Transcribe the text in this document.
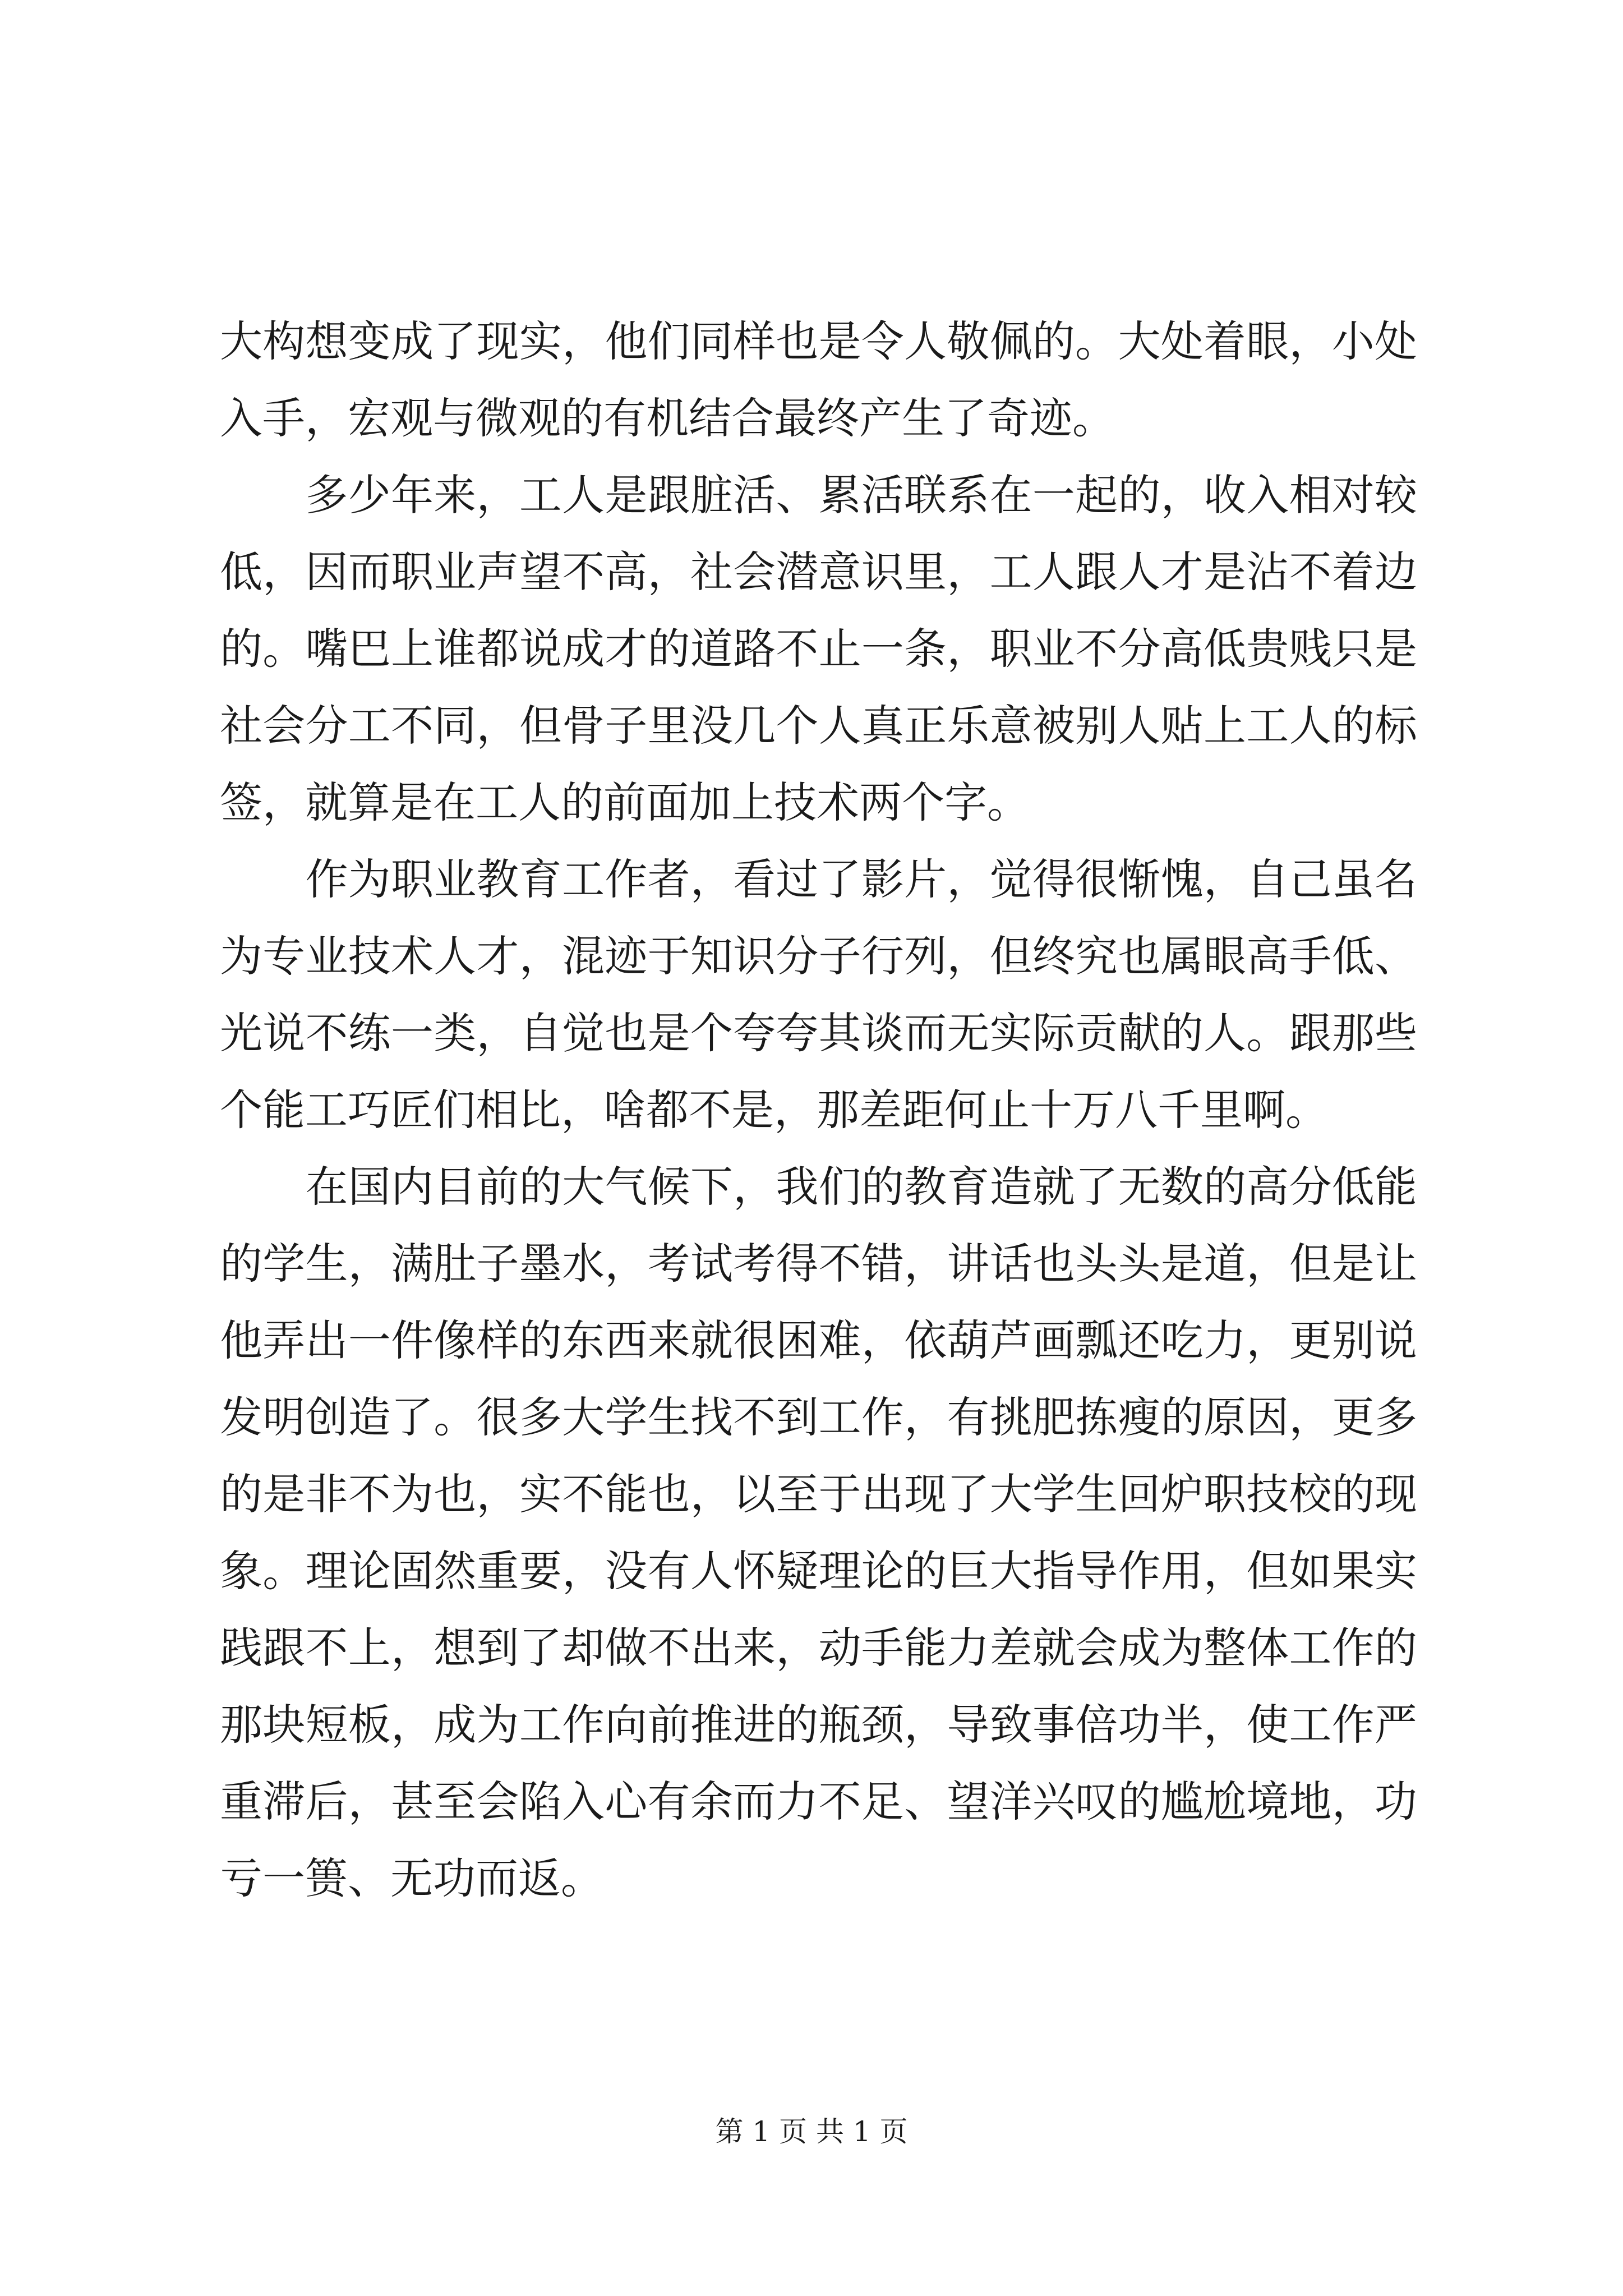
大构想变成了现实，他们同样也是令人敬佩的。大处着眼，小处
入手，宏观与微观的有机结合最终产生了奇迹。
　　多少年来，工人是跟脏活、累活联系在一起的，收入相对较
低，因而职业声望不高，社会潜意识里，工人跟人才是沾不着边
的。嘴巴上谁都说成才的道路不止一条，职业不分高低贵贱只是
社会分工不同，但骨子里没几个人真正乐意被别人贴上工人的标
签，就算是在工人的前面加上技术两个字。
　　作为职业教育工作者，看过了影片，觉得很惭愧，自己虽名
为专业技术人才，混迹于知识分子行列，但终究也属眼高手低、
光说不练一类，自觉也是个夸夸其谈而无实际贡献的人。跟那些
个能工巧匠们相比，啥都不是，那差距何止十万八千里啊。
　　在国内目前的大气候下，我们的教育造就了无数的高分低能
的学生，满肚子墨水，考试考得不错，讲话也头头是道，但是让
他弄出一件像样的东西来就很困难，依葫芦画瓢还吃力，更别说
发明创造了。很多大学生找不到工作，有挑肥拣瘦的原因，更多
的是非不为也，实不能也，以至于出现了大学生回炉职技校的现
象。理论固然重要，没有人怀疑理论的巨大指导作用，但如果实
践跟不上，想到了却做不出来，动手能力差就会成为整体工作的
那块短板，成为工作向前推进的瓶颈，导致事倍功半，使工作严
重滞后，甚至会陷入心有余而力不足、望洋兴叹的尴尬境地，功
亏一篑、无功而返。
第 1 页 共 1 页
